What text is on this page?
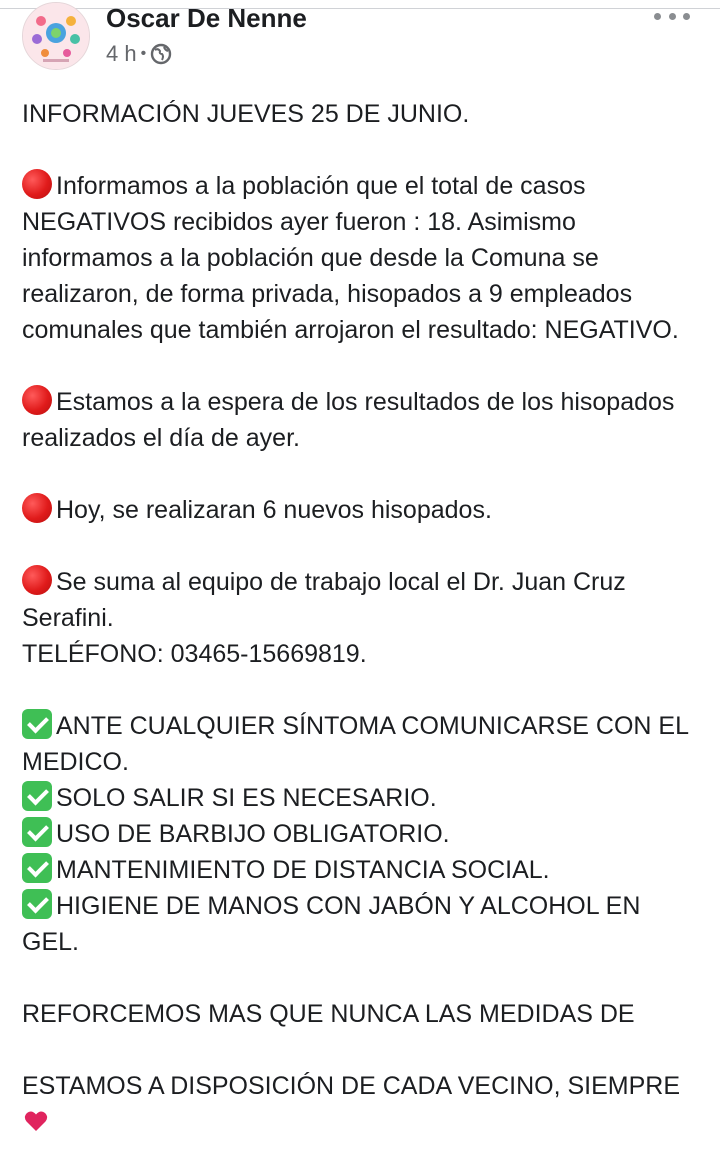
Oscar De Nenne
4 h •

INFORMACIÓN JUEVES 25 DE JUNIO.

Informamos a la población que el total de casos NEGATIVOS recibidos ayer fueron : 18. Asimismo informamos a la población que desde la Comuna se realizaron, de forma privada, hisopados a 9 empleados comunales que también arrojaron el resultado: NEGATIVO.

Estamos a la espera de los resultados de los hisopados realizados el día de ayer.

Hoy, se realizaran 6 nuevos hisopados.

Se suma al equipo de trabajo local el Dr. Juan Cruz Serafini.

TELÉFONO: 03465-15669819.

ANTE CUALQUIER SÍNTOMA COMUNICARSE CON EL MEDICO.

SOLO SALIR SI ES NECESARIO.

USO DE BARBIJO OBLIGATORIO.

MANTENIMIENTO DE DISTANCIA SOCIAL.

HIGIENE DE MANOS CON JABÓN Y ALCOHOL EN GEL.

REFORCEMOS MAS QUE NUNCA LAS MEDIDAS DE

ESTAMOS A DISPOSICIÓN DE CADA VECINO, SIEMPRE
